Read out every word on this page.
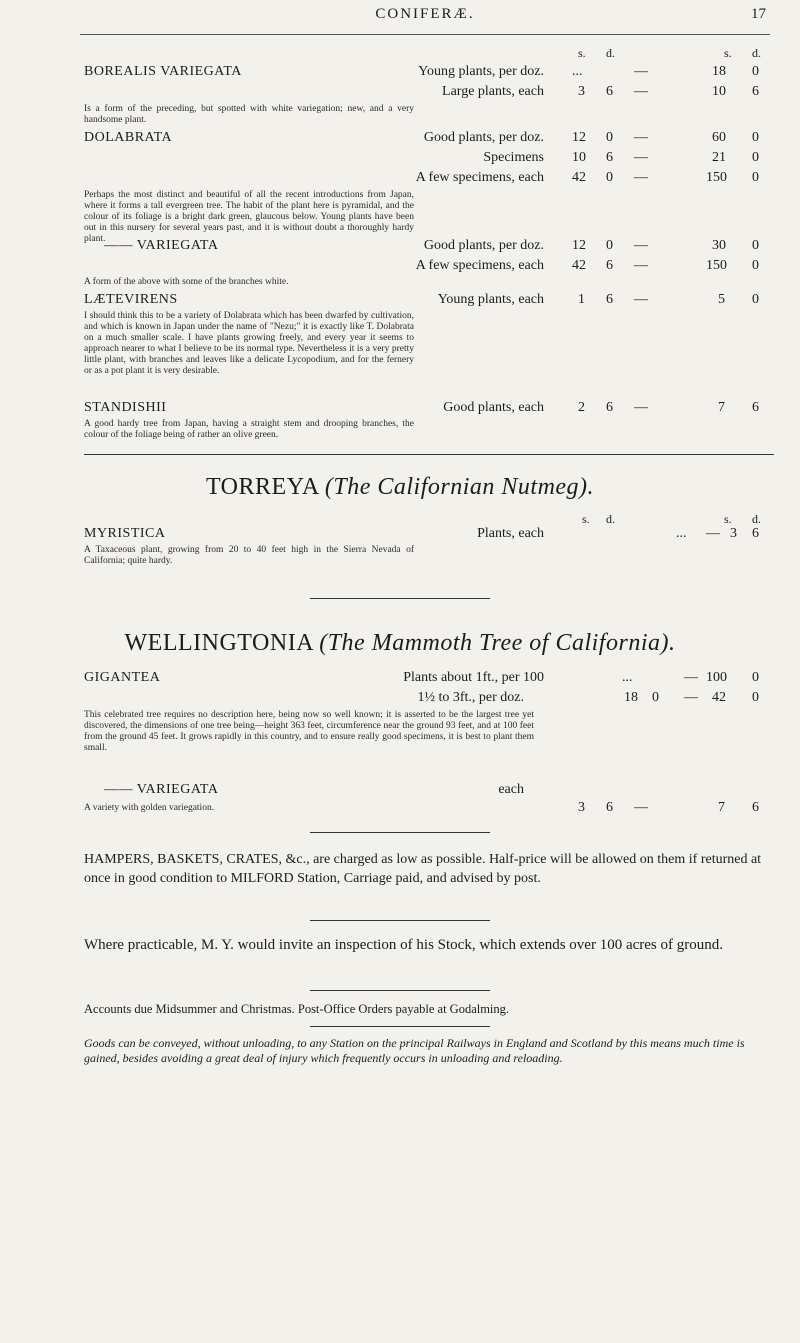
CONIFERÆ.	17
s. d.	s. d.
BOREALIS VARIEGATA	Young plants, per doz. ...	—	18 0
Large plants, each 3 6 —	10 6
Is a form of the preceding, but spotted with white variegation; new, and a very handsome plant.
DOLABRATA	Good plants, per doz. 12 0 —	60 0
Specimens 10 6 —	21 0
A few specimens, each 42 0 —	150 0
Perhaps the most distinct and beautiful of all the recent introductions from Japan, where it forms a tall evergreen tree. The habit of the plant here is pyramidal, and the colour of its foliage is a bright dark green, glaucous below. Young plants have been out in this nursery for several years past, and it is without doubt a thoroughly hardy plant.
—— VARIEGATA	Good plants, per doz. 12 0 —	30 0
A few specimens, each 42 6 —	150 0
A form of the above with some of the branches white.
LÆTEVIRENS	Young plants, each 1 6 —	5 0
I should think this to be a variety of Dolabrata which has been dwarfed by cultivation, and which is known in Japan under the name of "Nezu;" it is exactly like T. Dolabrata on a much smaller scale. I have plants growing freely, and every year it seems to approach nearer to what I believe to be its normal type. Nevertheless it is a very pretty little plant, with branches and leaves like a delicate Lycopodium, and for the fernery or as a pot plant it is very desirable.
STANDISHII	Good plants, each 2 6 —	7 6
A good hardy tree from Japan, having a straight stem and drooping branches, the colour of the foliage being of rather an olive green.
TORREYA (The Californian Nutmeg).
s. d.	s. d.
MYRISTICA	Plants, each	... — 3 6
A Taxaceous plant, growing from 20 to 40 feet high in the Sierra Nevada of California; quite hardy.
WELLINGTONIA (The Mammoth Tree of California).
GIGANTEA	Plants about 1ft., per 100	...	— 100 0
1½ to 3ft., per doz.	18 0 — 42 0
This celebrated tree requires no description here, being now so well known; it is asserted to be the largest tree yet discovered, the dimensions of one tree being—height 363 feet, circumference near the ground 93 feet, and at 100 feet from the ground 45 feet. It grows rapidly in this country, and to ensure really good specimens, it is best to plant them small.
—— VARIEGATA	each
3 6 —	7 6
A variety with golden variegation.
HAMPERS, BASKETS, CRATES, &c., are charged as low as possible. Half-price will be allowed on them if returned at once in good condition to MILFORD Station, Carriage paid, and advised by post.
Where practicable, M. Y. would invite an inspection of his Stock, which extends over 100 acres of ground.
Accounts due Midsummer and Christmas. Post-Office Orders payable at Godalming.
Goods can be conveyed, without unloading, to any Station on the principal Railways in England and Scotland by this means much time is gained, besides avoiding a great deal of injury which frequently occurs in unloading and reloading.
